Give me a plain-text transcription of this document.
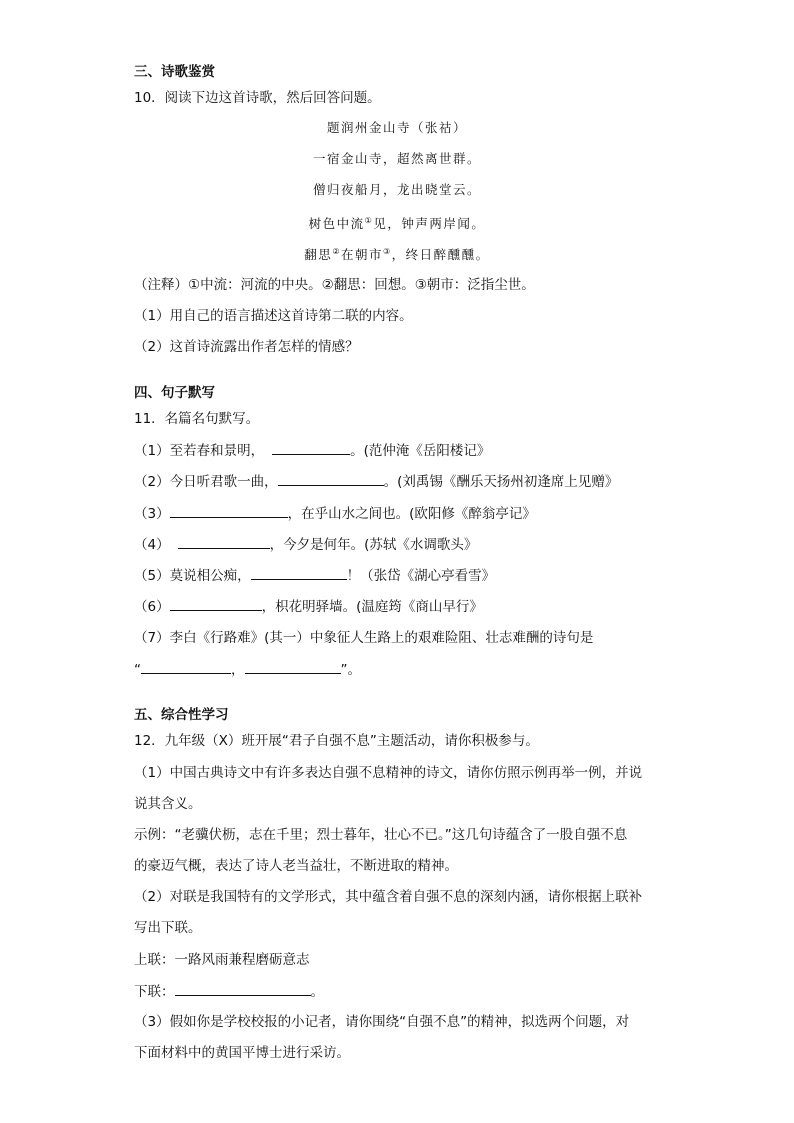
三、诗歌鉴赏
10．阅读下边这首诗歌，然后回答问题。
题润州金山寺（张祜）
一宿金山寺，超然离世群。
僧归夜船月，龙出晓堂云。
树色中流①见，钟声两岸闻。
翻思②在朝市③，终日醉醺醺。
（注释）①中流：河流的中央。②翻思：回想。③朝市：泛指尘世。
（1）用自己的语言描述这首诗第二联的内容。
（2）这首诗流露出作者怎样的情感？
四、句子默写
11．名篇名句默写。
（1）至若春和景明，	。(范仲淹《岳阳楼记》
（2）今日听君歌一曲，	。(刘禹锡《酬乐天扬州初逢席上见赠》
（3）	，在乎山水之间也。(欧阳修《醉翁亭记》
（4）	，今夕是何年。(苏轼《水调歌头》
（5）莫说相公痴，	！（张岱《湖心亭看雪》
（6）	，枳花明驿墙。(温庭筠《商山早行》
（7）李白《行路难》(其一）中象征人生路上的艰难险阻、壮志难酬的诗句是
“	，	”。
五、综合性学习
12．九年级（X）班开展“君子自强不息”主题活动，请你积极参与。
（1）中国古典诗文中有许多表达自强不息精神的诗文，请你仿照示例再举一例，并说
说其含义。
示例：“老骥伏枥，志在千里；烈士暮年，壮心不已。”这几句诗蕴含了一股自强不息
的豪迈气概，表达了诗人老当益壮，不断进取的精神。
（2）对联是我国特有的文学形式，其中蕴含着自强不息的深刻内涵，请你根据上联补
写出下联。
上联：一路风雨兼程磨砺意志
下联：	。
（3）假如你是学校校报的小记者，请你围绕“自强不息”的精神，拟选两个问题，对
下面材料中的黄国平博士进行采访。
